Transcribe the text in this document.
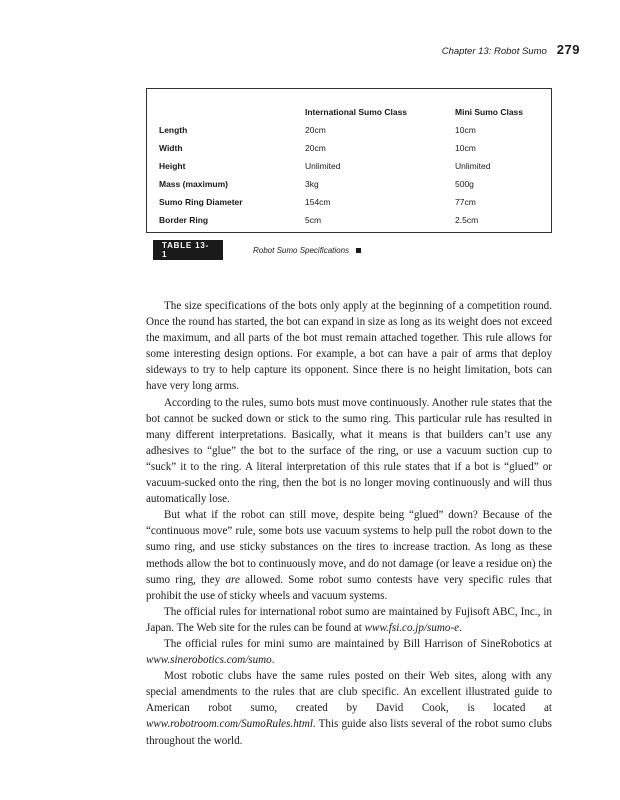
Chapter 13: Robot Sumo 279
	International Sumo Class	Mini Sumo Class
Length	20cm	10cm
Width	20cm	10cm
Height	Unlimited	Unlimited
Mass (maximum)	3kg	500g
Sumo Ring Diameter	154cm	77cm
Border Ring	5cm	2.5cm
TABLE 13-1	Robot Sumo Specifications

The size specifications of the bots only apply at the beginning of a competition round. Once the round has started, the bot can expand in size as long as its weight does not exceed the maximum, and all parts of the bot must remain attached together. This rule allows for some interesting design options. For example, a bot can have a pair of arms that deploy sideways to try to help capture its opponent. Since there is no height limitation, bots can have very long arms.

According to the rules, sumo bots must move continuously. Another rule states that the bot cannot be sucked down or stick to the sumo ring. This particular rule has resulted in many different interpretations. Basically, what it means is that builders can’t use any adhesives to “glue” the bot to the surface of the ring, or use a vacuum suction cup to “suck” it to the ring. A literal interpretation of this rule states that if a bot is “glued” or vacuum-sucked onto the ring, then the bot is no longer moving continuously and will thus automatically lose.

But what if the robot can still move, despite being “glued” down? Because of the “continuous move” rule, some bots use vacuum systems to help pull the robot down to the sumo ring, and use sticky substances on the tires to increase traction. As long as these methods allow the bot to continuously move, and do not damage (or leave a residue on) the sumo ring, they are allowed. Some robot sumo contests have very specific rules that prohibit the use of sticky wheels and vacuum systems.

The official rules for international robot sumo are maintained by Fujisoft ABC, Inc., in Japan. The Web site for the rules can be found at www.fsi.co.jp/sumo-e.

The official rules for mini sumo are maintained by Bill Harrison of SineRobotics at www.sinerobotics.com/sumo.

Most robotic clubs have the same rules posted on their Web sites, along with any special amendments to the rules that are club specific. An excellent illustrated guide to American robot sumo, created by David Cook, is located at www.robotroom.com/SumoRules.html. This guide also lists several of the robot sumo clubs throughout the world.
